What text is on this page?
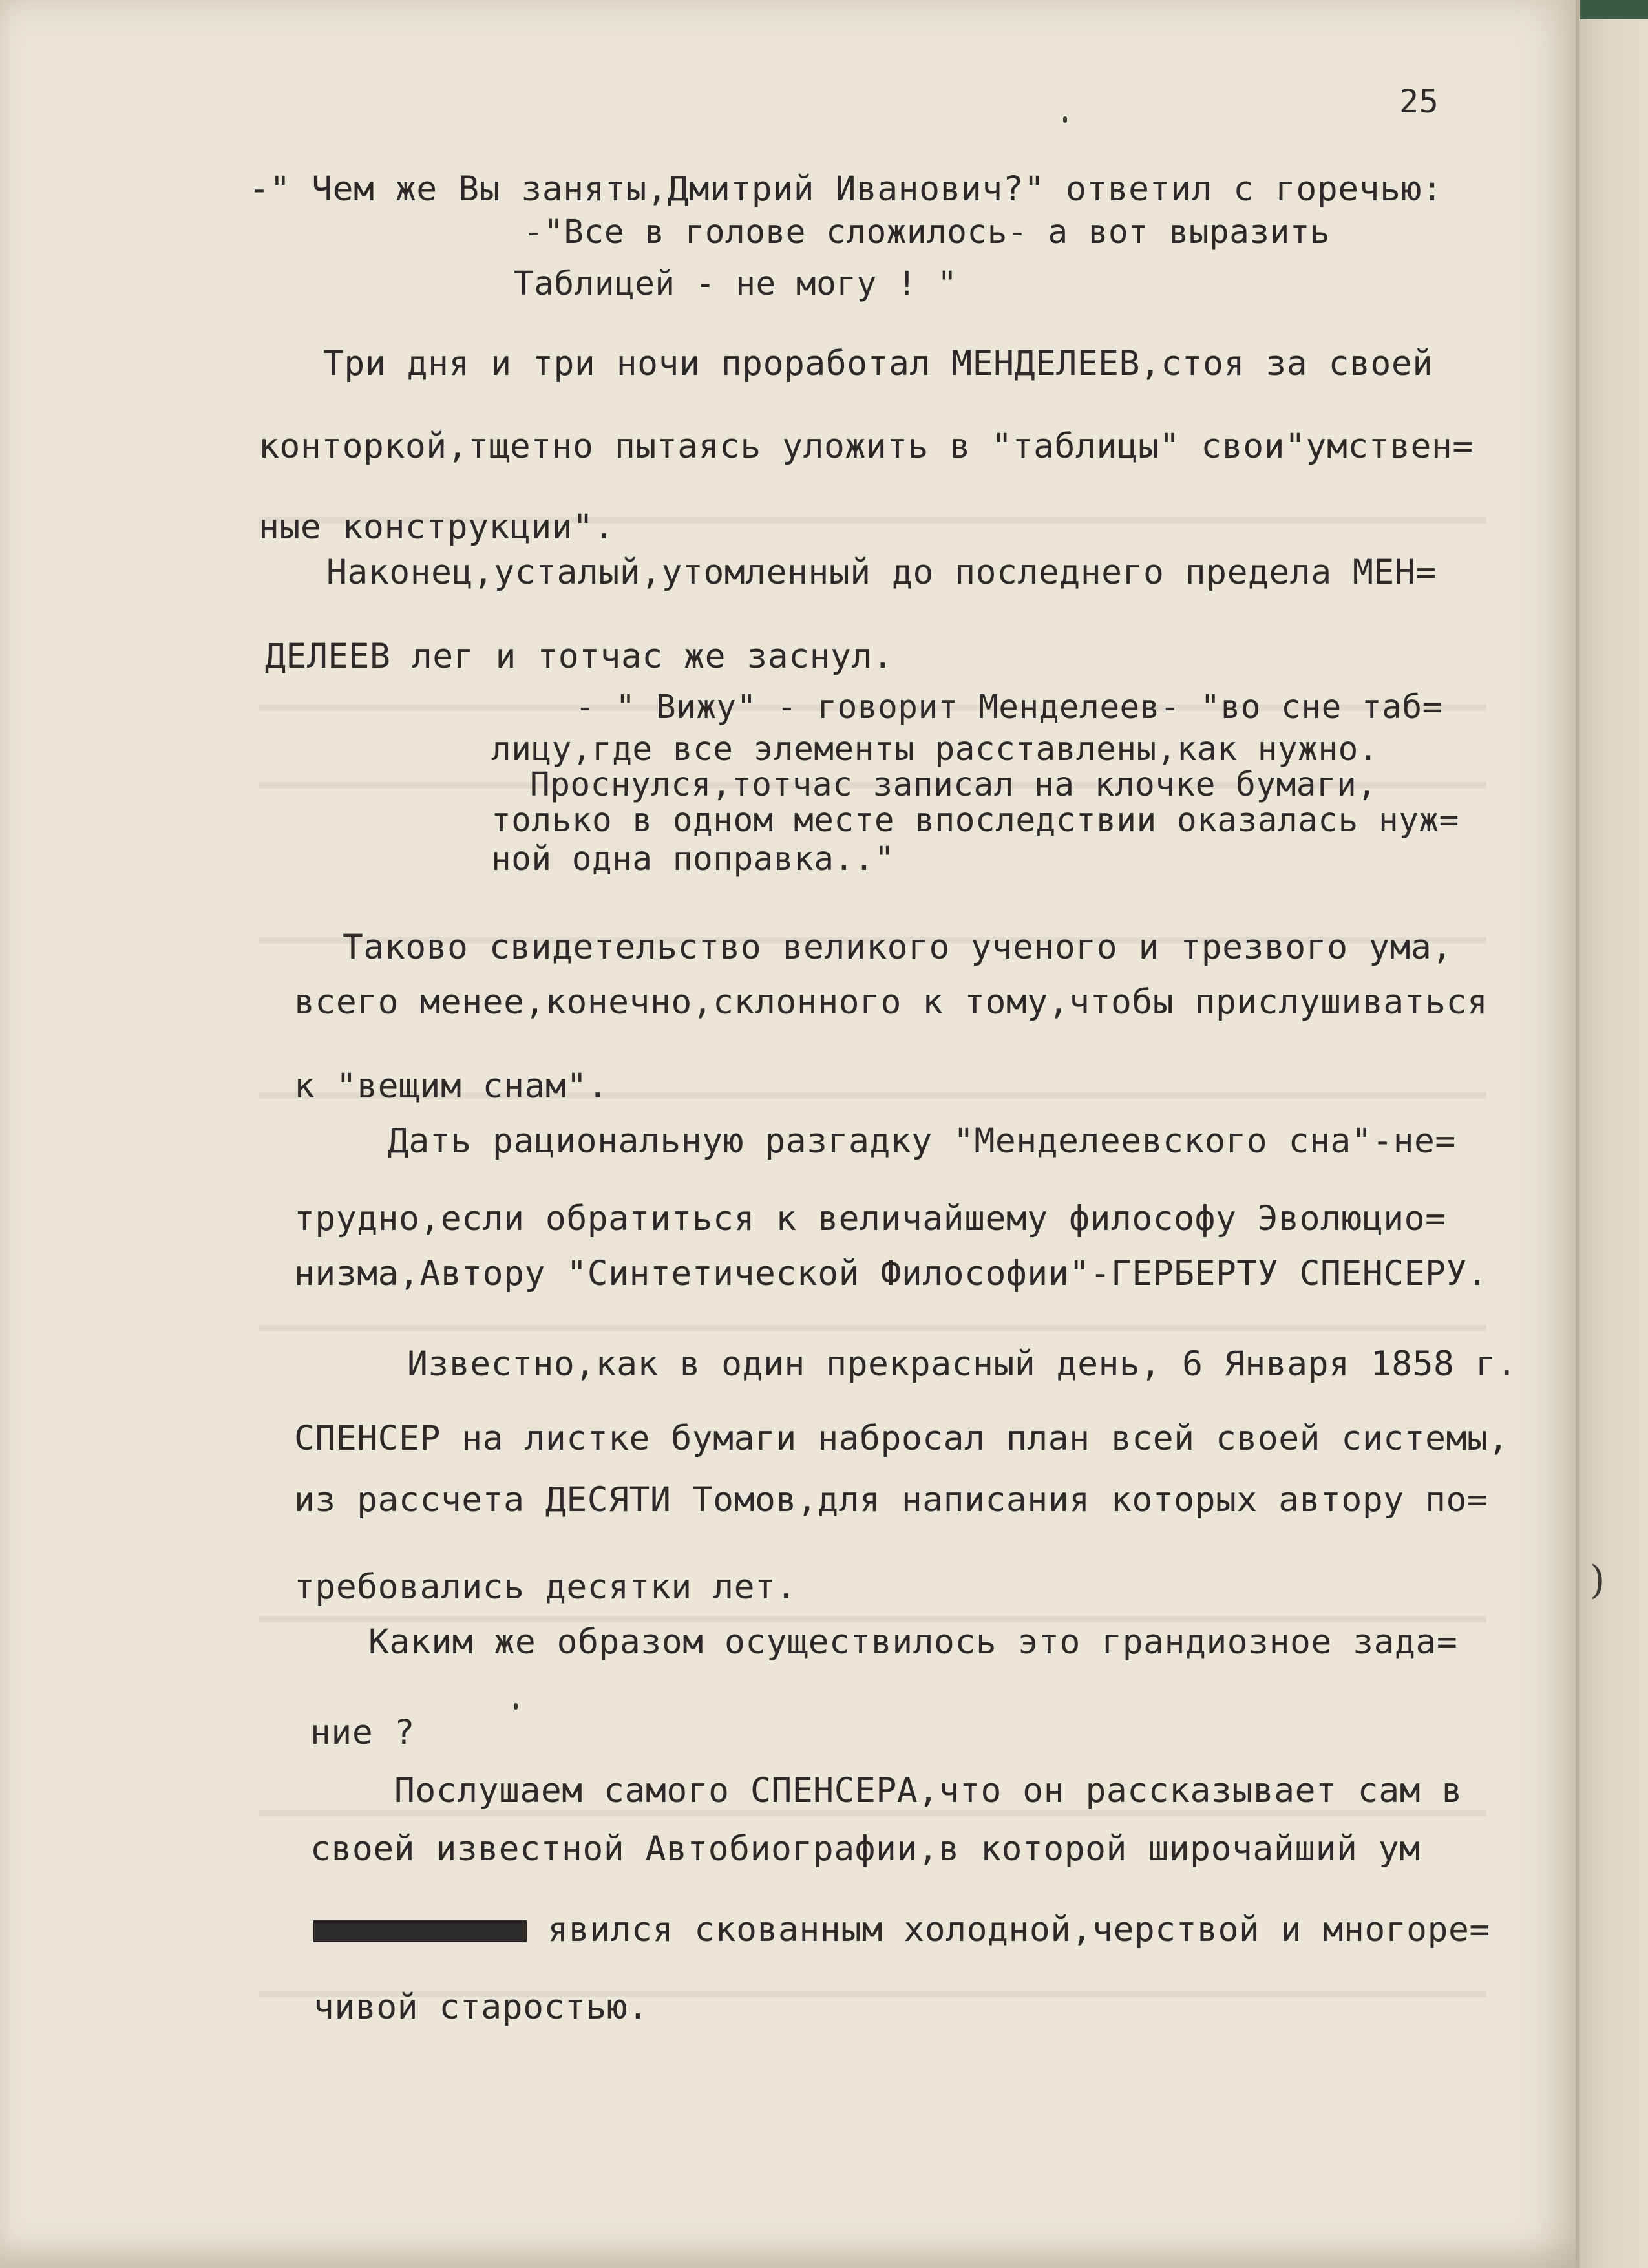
25
-" Чем же Вы заняты,Дмитрий Иванович?" ответил с горечью:
-"Все в голове сложилось- а вот выразить
Таблицей - не могу ! "
Три дня и три ночи проработал МЕНДЕЛЕЕВ,стоя за своей
конторкой,тщетно пытаясь уложить в "таблицы" свои"умствен=
ные конструкции".
Наконец,усталый,утомленный до последнего предела МЕН=
ДЕЛЕЕВ лег и тотчас же заснул.
- " Вижу" - говорит Менделеев- "во сне таб=
лицу,где все элементы расставлены,как нужно.
Проснулся,тотчас записал на клочке бумаги,
только в одном месте впоследствии оказалась нуж=
ной одна поправка.."
Таково свидетельство великого ученого и трезвого ума,
всего менее,конечно,склонного к тому,чтобы прислушиваться
к "вещим снам".
Дать рациональную разгадку "Менделеевского сна"-не=
трудно,если обратиться к величайшему философу Эволюцио=
низма,Автору "Синтетической Философии"-ГЕРБЕРТУ СПЕНСЕРУ.
Известно,как в один прекрасный день, 6 Января 1858 г.
СПЕНСЕР на листке бумаги набросал план всей своей системы,
из рассчета ДЕСЯТИ Томов,для написания которых автору по=
требовались десятки лет.
Каким же образом осуществилось это грандиозное зада=
ние ?
Послушаем самого СПЕНСЕРА,что он рассказывает сам в
своей известной Автобиографии,в которой широчайший ум
явился скованным холодной,черствой и многоре=
чивой старостью.
)
